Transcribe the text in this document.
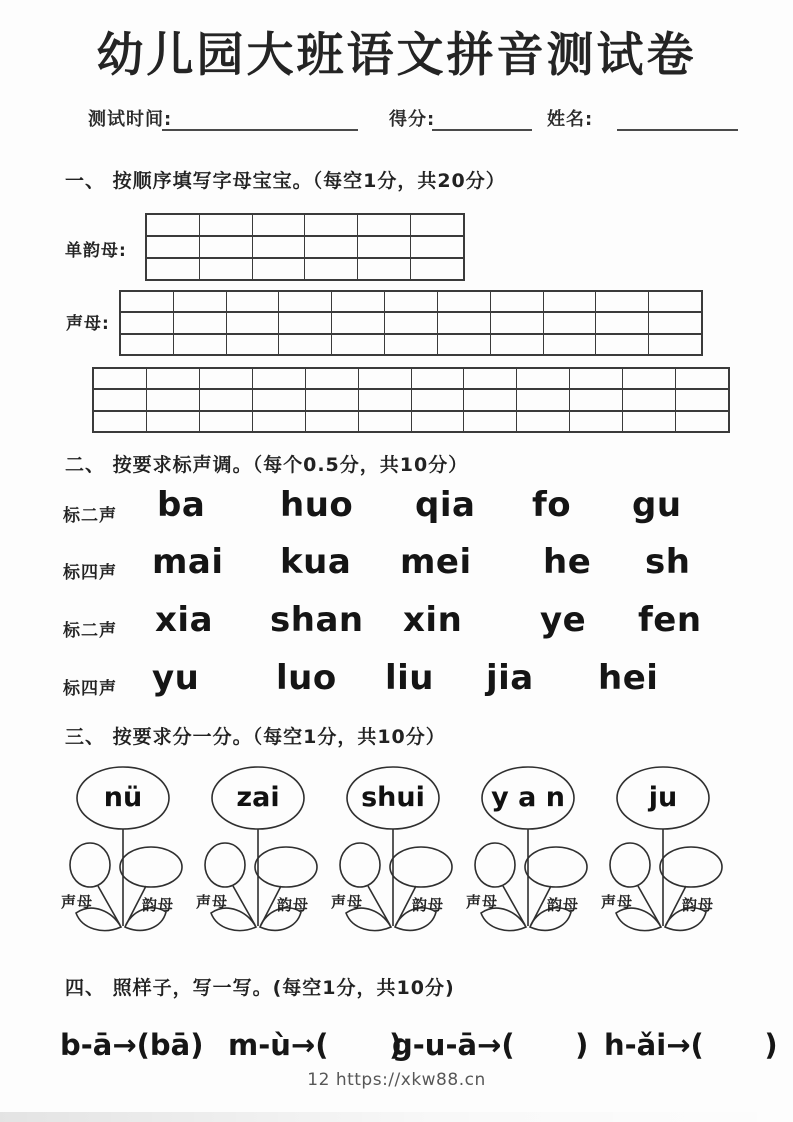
幼儿园大班语文拼音测试卷
测试时间:	得分:	姓名:
一、 按顺序填写字母宝宝。（每空1分，共20分）
单韵母:
声母:
二、 按要求标声调。（每个0.5分，共10分）
标二声 ba huo qia fo gu
标四声 mai kua mei he sh
标二声 xia shan xin ye fen
标四声 yu luo liu jia hei
三、 按要求分一分。（每空1分，共10分）
nü
声母	韵母
zai
声母	韵母
shui
声母	韵母
y a n
声母	韵母
ju
声母	韵母
四、 照样子，写一写。(每空1分，共10分)
b-ā→(bā) m-ù→(      )
g-u-ā→(      ) h-ǎi→(      )
12 https://xkw88.cn
